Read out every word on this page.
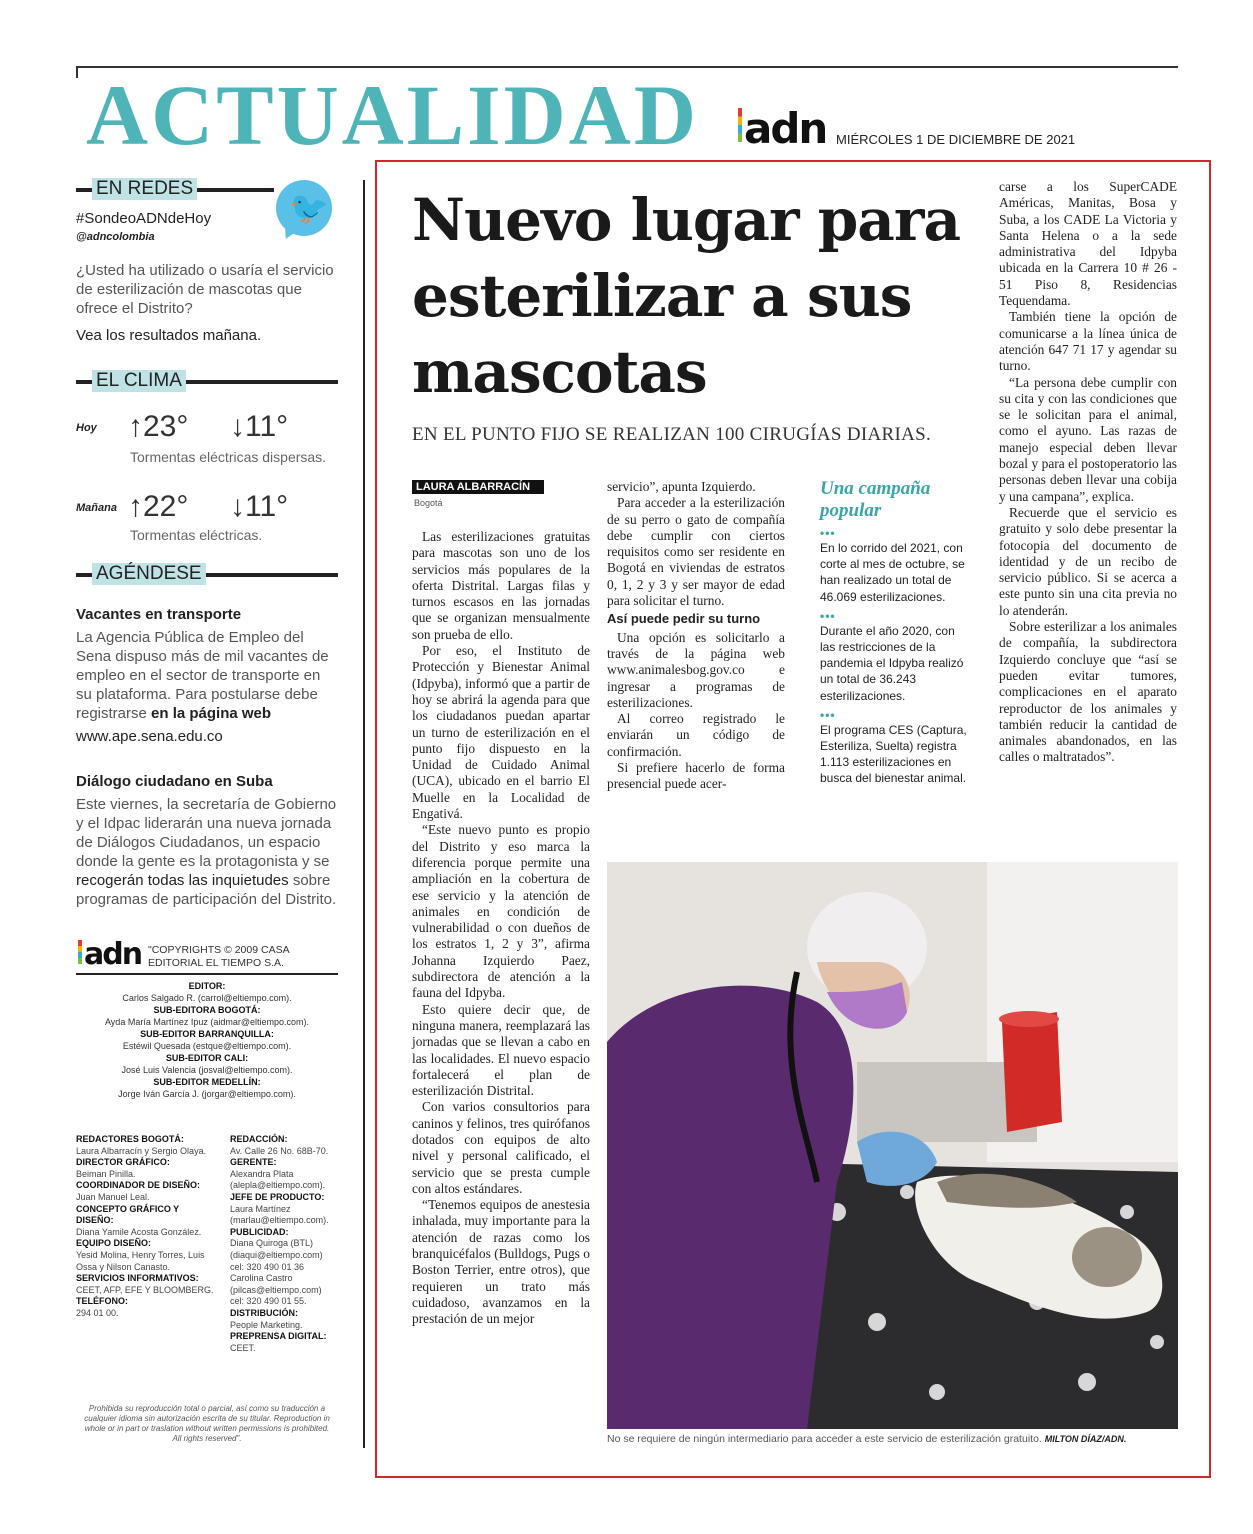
ACTUALIDAD adn MIÉRCOLES 1 DE DICIEMBRE DE 2021
EN REDES
🐦
#SondeoADNdeHoy
@adncolombia
¿Usted ha utilizado o usaría el servicio de esterilización de mascotas que ofrece el Distrito?
Vea los resultados mañana.
EL CLIMA
Hoy ↑23° ↓11°
Tormentas eléctricas dispersas.
Mañana ↑22° ↓11°
Tormentas eléctricas.
AGÉNDESE
Vacantes en transporte
La Agencia Pública de Empleo del Sena dispuso más de mil vacantes de empleo en el sector de transporte en su plataforma. Para postularse debe registrarse en la página web
www.ape.sena.edu.co
Diálogo ciudadano en Suba
Este viernes, la secretaría de Gobierno y el Idpac liderarán una nueva jornada de Diálogos Ciudadanos, un espacio donde la gente es la protagonista y se recogerán todas las inquietudes sobre programas de participación del Distrito.
adn "COPYRIGHTS © 2009 CASA EDITORIAL EL TIEMPO S.A.
EDITOR:
Carlos Salgado R. (carrol@eltiempo.com).
SUB-EDITORA BOGOTÁ:
Ayda María Martínez Ipuz (aidmar@eltiempo.com).
SUB-EDITOR BARRANQUILLA:
Estéwil Quesada (estque@eltiempo.com).
SUB-EDITOR CALI:
José Luis Valencia (josval@eltiempo.com).
SUB-EDITOR MEDELLÍN:
Jorge Iván García J. (jorgar@eltiempo.com).
REDACTORES BOGOTÁ:
Laura Albarracín y Sergio Olaya.
DIRECTOR GRÁFICO:
Beiman Pinilla.
COORDINADOR DE DISEÑO:
Juan Manuel Leal.
CONCEPTO GRÁFICO Y DISEÑO:
Diana Yamile Acosta González.
EQUIPO DISEÑO:
Yesid Molina, Henry Torres, Luis Ossa y Nilson Canasto.
SERVICIOS INFORMATIVOS:
CEET, AFP, EFE Y BLOOMBERG.
TELÉFONO:
294 01 00.
REDACCIÓN:
Av. Calle 26 No. 68B-70.
GERENTE:
Alexandra Plata (alepla@eltiempo.com).
JEFE DE PRODUCTO:
Laura Martínez (marlau@eltiempo.com).
PUBLICIDAD:
Diana Quiroga (BTL) (diaqui@eltiempo.com) cel: 320 490 01 36 Carolina Castro (pilcas@eltiempo.com) cel: 320 490 01 55.
DISTRIBUCIÓN:
People Marketing.
PREPRENSA DIGITAL:
CEET.
Prohibida su reproducción total o parcial, así como su traducción a cualquier idioma sin autorización escrita de su titular. Reproduction in whole or in part or traslation without written permissions is prohibited. All rights reserved".
Nuevo lugar para esterilizar a sus mascotas
EN EL PUNTO FIJO SE REALIZAN 100 CIRUGÍAS DIARIAS.
LAURA ALBARRACÍN
Bogotá

Las esterilizaciones gratuitas para mascotas son uno de los servicios más populares de la oferta Distrital. Largas filas y turnos escasos en las jornadas que se organizan mensualmente son prueba de ello.

Por eso, el Instituto de Protección y Bienestar Animal (Idpyba), informó que a partir de hoy se abrirá la agenda para que los ciudadanos puedan apartar un turno de esterilización en el punto fijo dispuesto en la Unidad de Cuidado Animal (UCA), ubicado en el barrio El Muelle en la Localidad de Engativá.

“Este nuevo punto es propio del Distrito y eso marca la diferencia porque permite una ampliación en la cobertura de ese servicio y la atención de animales en condición de vulnerabilidad o con dueños de los estratos 1, 2 y 3”, afirma Johanna Izquierdo Paez, subdirectora de atención a la fauna del Idpyba.

Esto quiere decir que, de ninguna manera, reemplazará las jornadas que se llevan a cabo en las localidades. El nuevo espacio fortalecerá el plan de esterilización Distrital.

Con varios consultorios para caninos y felinos, tres quirófanos dotados con equipos de alto nivel y personal calificado, el servicio que se presta cumple con altos estándares.

“Tenemos equipos de anestesia inhalada, muy importante para la atención de razas como los branquicéfalos (Bulldogs, Pugs o Boston Terrier, entre otros), que requieren un trato más cuidadoso, avanzamos en la prestación de un mejor

servicio”, apunta Izquierdo.

Para acceder a la esterilización de su perro o gato de compañía debe cumplir con ciertos requisitos como ser residente en Bogotá en viviendas de estratos 0, 1, 2 y 3 y ser mayor de edad para solicitar el turno.

Así puede pedir su turno

Una opción es solicitarlo a través de la página web www.animalesbog.gov.co e ingresar a programas de esterilizaciones.

Al correo registrado le enviarán un código de confirmación.

Si prefiere hacerlo de forma presencial puede acer-

Una campaña popular
•••
En lo corrido del 2021, con corte al mes de octubre, se han realizado un total de 46.069 esterilizaciones.
•••
Durante el año 2020, con las restricciones de la pandemia el Idpyba realizó un total de 36.243 esterilizaciones.
•••
El programa CES (Captura, Esteriliza, Suelta) registra 1.113 esterilizaciones en busca del bienestar animal.

carse a los SuperCADE Américas, Manitas, Bosa y Suba, a los CADE La Victoria y Santa Helena o a la sede administrativa del Idpyba ubicada en la Carrera 10 # 26 - 51 Piso 8, Residencias Tequendama.

También tiene la opción de comunicarse a la línea única de atención 647 71 17 y agendar su turno.

“La persona debe cumplir con su cita y con las condiciones que se le solicitan para el animal, como el ayuno. Las razas de manejo especial deben llevar bozal y para el postoperatorio las personas deben llevar una cobija y una campana”, explica.

Recuerde que el servicio es gratuito y solo debe presentar la fotocopia del documento de identidad y de un recibo de servicio público. Si se acerca a este punto sin una cita previa no lo atenderán.

Sobre esterilizar a los animales de compañía, la subdirectora Izquierdo concluye que “así se pueden evitar tumores, complicaciones en el aparato reproductor de los animales y también reducir la cantidad de animales abandonados, en las calles o maltratados”.

No se requiere de ningún intermediario para acceder a este servicio de esterilización gratuito. MILTON DÍAZ/ADN.
